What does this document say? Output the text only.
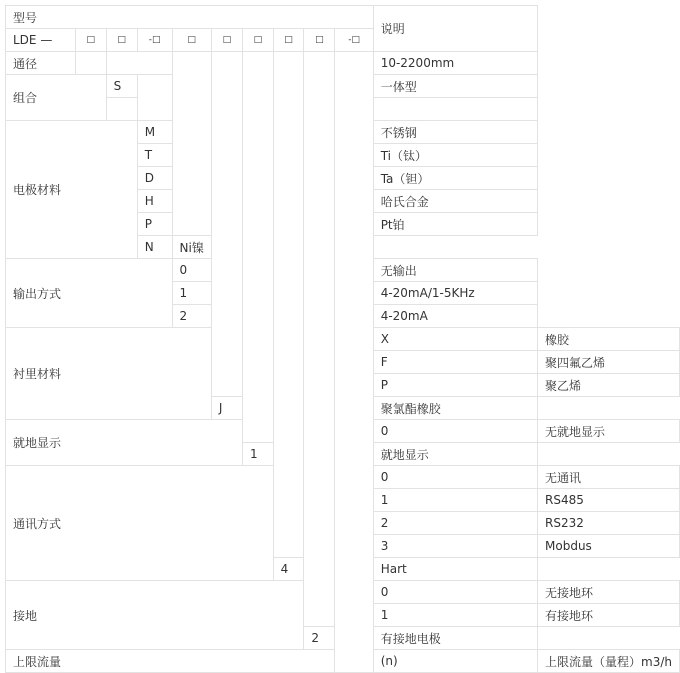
型号										说明	
LDE —	□	□	-□	□	□	□	□	□	-□		
通径										10-2200mm	
组合		S								一体型	

电极材料			M							不锈钢	
			T							Ti（钛）	
			D							Ta（钽）	
			H							哈氏合金	
			P							Pt铂	
			N	Ni镍							
输出方式				0						无输出	
				1						4-20mA/1-5KHz	
				2						4-20mA	
衬里材料										X	橡胶
										F	聚四氟乙烯
										P	聚乙烯
					J					聚氯酯橡胶	
就地显示										0	无就地显示
						1				就地显示	
通讯方式										0	无通讯
										1	RS485
										2	RS232
										3	Mobdus
							4			Hart	
接地										0	无接地环
										1	有接地环
								2		有接地电极	
上限流量										(n)	上限流量（量程）m3/h
